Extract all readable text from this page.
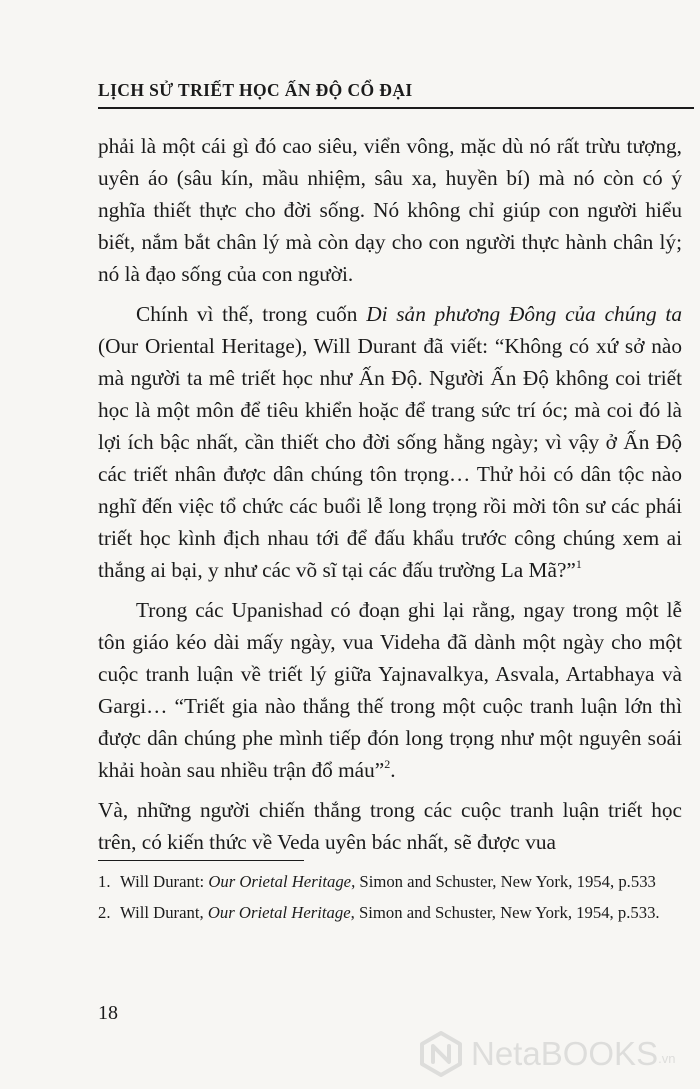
LỊCH SỬ TRIẾT HỌC ẤN ĐỘ CỔ ĐẠI

phải là một cái gì đó cao siêu, viển vông, mặc dù nó rất trừu tượng, uyên áo (sâu kín, mầu nhiệm, sâu xa, huyền bí) mà nó còn có ý nghĩa thiết thực cho đời sống. Nó không chỉ giúp con người hiểu biết, nắm bắt chân lý mà còn dạy cho con người thực hành chân lý; nó là đạo sống của con người.

Chính vì thế, trong cuốn Di sản phương Đông của chúng ta (Our Oriental Heritage), Will Durant đã viết: “Không có xứ sở nào mà người ta mê triết học như Ấn Độ. Người Ấn Độ không coi triết học là một môn để tiêu khiển hoặc để trang sức trí óc; mà coi đó là lợi ích bậc nhất, cần thiết cho đời sống hằng ngày; vì vậy ở Ấn Độ các triết nhân được dân chúng tôn trọng… Thử hỏi có dân tộc nào nghĩ đến việc tổ chức các buổi lễ long trọng rồi mời tôn sư các phái triết học kình địch nhau tới để đấu khẩu trước công chúng xem ai thắng ai bại, y như các võ sĩ tại các đấu trường La Mã?”$^1$

Trong các Upanishad có đoạn ghi lại rằng, ngay trong một lễ tôn giáo kéo dài mấy ngày, vua Videha đã dành một ngày cho một cuộc tranh luận về triết lý giữa Yajnavalkya, Asvala, Artabhaya và Gargi… “Triết gia nào thắng thế trong một cuộc tranh luận lớn thì được dân chúng phe mình tiếp đón long trọng như một nguyên soái khải hoàn sau nhiều trận đổ máu”$^2$.

Và, những người chiến thắng trong các cuộc tranh luận triết học trên, có kiến thức về Veda uyên bác nhất, sẽ được vua

1. Will Durant: Our Orietal Heritage, Simon and Schuster, New York, 1954, p.533
2. Will Durant, Our Orietal Heritage, Simon and Schuster, New York, 1954, p.533.
18
NetaBOOKS.vn
